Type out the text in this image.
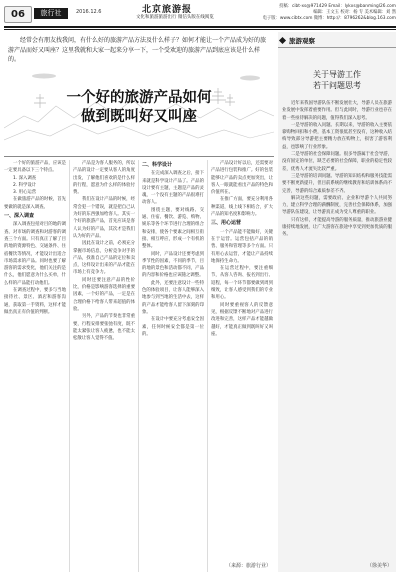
06	旅行社	2016.12.6	北京旅游报
文化和旅游旅游出行 微信头版在线阅览
投稿：cibt-xs@971429 Email：lykxs@banmingl26.com
编辑：王文玉 校对：杨 专 美术编辑：刘 然
电子版：www.cibtx.com 微博：http://：8796262&blog.163.com
经常会有朋友找我问，有什么好的旅游产品方法及什么样子？如何才能让一个产品成为好的旅游产品而好又叫座？这里我就和大家一起来分享一下，一个受欢迎的旅游产品到底应该是什么样的。
一个好的旅游产品如何
做到既叫好又叫座

一个好的旅游产品，应该是一定要具备以下三个特点。

1. 深入调查

2. 科学设计

3. 用心运营

在做旅游产品的时候，首先要做的就是深入调查。

一、深入调查

深入调查包括对目的地的调查、对市场的调查和对游客的调查三个方面。只有真正了解了目的地的资源特色、交通条件、住宿餐饮等情况，才能设计出适合市场需求的产品。同时也要了解游客的需求变化，他们关注的是什么，他们愿意为什么买单，什么样的产品能打动他们。

在调查过程中，要多与当地接待社、景区、酒店和游客沟通，获取第一手资料，这样才能做出真正有价值的判断。

产品是为客人服务的，所以产品的设计一定要从客人的角度出发，了解他们喜欢的是什么样的行程，愿意为什么样的体验付费。

我们在设计产品的时候，经常会犯一个错误，就是把自己认为好的东西强加给客人。其实一个好的旅游产品，首先应该是客人认为好的产品，其次才是我们认为好的产品。

因此在设计之前，必须充分掌握市场信息，分析竞争对手的产品，找准自己产品的定位和卖点，这样设计出来的产品才能在市场上有竞争力。

同时还要注意产品的性价比，价格是影响游客选择的重要因素，一个好的产品，一定是在合理价格下给客人带来超值的体验。

另外，产品的节奏也非常重要，行程安排要张弛有度，既不能太紧张让客人疲惫，也不能太松散让客人觉得不值。

二、科学设计

在完成深入调查之后，接下来就是科学设计产品了。产品的设计要有主题，主题是产品的灵魂，一个没有主题的产品很难打动客人。

围绕主题，要对线路、交通、住宿、餐饮、游览、购物、娱乐等各个环节进行合理的组合和安排，使各个要素之间相互衔接、相互呼应，形成一个有机的整体。

同时，产品设计还要考虑到季节性的因素，不同的季节，目的地的景色和活动都不同，产品的内容和价格也应该随之调整。

此外，还要注意设计一些特色的体验项目，让客人能够深入地参与到当地的生活中去，这样的产品才能给客人留下深刻的印象。

在设计中要充分考虑安全因素，任何时候安全都是第一位的。

产品设计好以后，还需要对产品进行包装和推广。好的包装能够让产品的卖点更加突出，让客人一眼就能看出产品的特色和价值所在。

在推广方面，要充分利用各种渠道，线上线下相结合，扩大产品的知名度和影响力。

三、用心运营

一个产品能不能做好，关键在于运营。运营包括产品的销售、服务和管理等多个方面。只有用心去运营，才能让产品持续地保持生命力。

在运营过程中，要注重细节，从客人咨询、报名到出行、返程，每一个环节都要做到周到细致，让客人感受到我们的专业和用心。

同时要重视客人的反馈意见，根据反馈不断地对产品进行改进和完善，这样产品才能越做越好，才能真正做到既叫好又叫座。

（来源：旅游行业）
旅游观察
关于导游工作
若干问题思考

近年来我国导游队伍不断发展壮大，导游人员在旅游业发展中发挥着重要作用。但与此同时，导游行业也存在着一些亟待解决的问题，值得我们深入思考。

一是导游的收入问题。长期以来，导游的收入主要依靠购物回扣和小费，基本工资很低甚至没有，这种收入结构导致部分导游把主要精力放在购物上，损害了游客利益，也影响了行业形象。

二是导游的社会保障问题。很多导游属于社会导游，没有固定的单位，缺乏必要的社会保障，职业的稳定性较差，优秀人才流失比较严重。

三是导游的培训问题。导游的知识结构和服务技能需要不断更新提升，但目前系统的继续教育和培训体系尚不完善，导游的综合素质参差不齐。

解决这些问题，需要政府、企业和导游个人共同努力，建立科学合理的薪酬制度，完善社会保障体系，加强导游队伍建设，让导游真正成为受人尊重的职业。

只有这样，才能提高导游的服务质量，推动旅游业健康持续地发展，让广大游客在旅途中享受到更加优质的服务。

（徐美华）
